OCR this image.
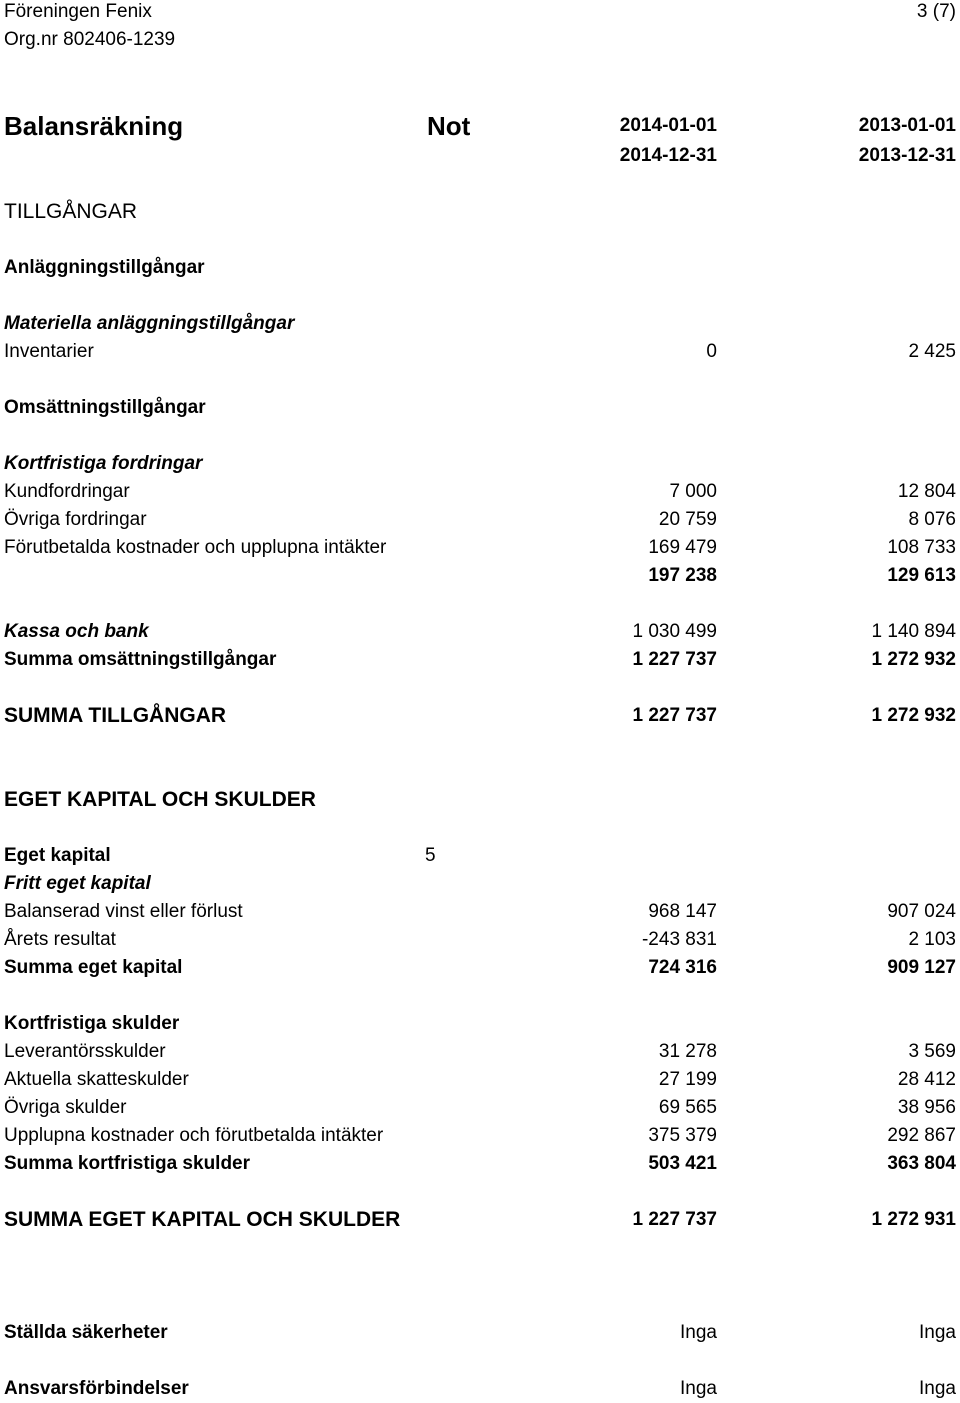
Föreningen Fenix	3 (7)
Org.nr 802406-1239
Balansräkning	Not	2014-01-01	2013-01-01
2014-12-31	2013-12-31
TILLGÅNGAR
Anläggningstillgångar
Materiella anläggningstillgångar
Inventarier	0	2 425
Omsättningstillgångar
Kortfristiga fordringar
Kundfordringar	7 000	12 804
Övriga fordringar	20 759	8 076
Förutbetalda kostnader och upplupna intäkter	169 479	108 733
197 238	129 613
Kassa och bank	1 030 499	1 140 894
Summa omsättningstillgångar	1 227 737	1 272 932
SUMMA TILLGÅNGAR	1 227 737	1 272 932
EGET KAPITAL OCH SKULDER
Eget kapital	5
Fritt eget kapital
Balanserad vinst eller förlust	968 147	907 024
Årets resultat	-243 831	2 103
Summa eget kapital	724 316	909 127
Kortfristiga skulder
Leverantörsskulder	31 278	3 569
Aktuella skatteskulder	27 199	28 412
Övriga skulder	69 565	38 956
Upplupna kostnader och förutbetalda intäkter	375 379	292 867
Summa kortfristiga skulder	503 421	363 804
SUMMA EGET KAPITAL OCH SKULDER	1 227 737	1 272 931
Ställda säkerheter	Inga	Inga
Ansvarsförbindelser	Inga	Inga
